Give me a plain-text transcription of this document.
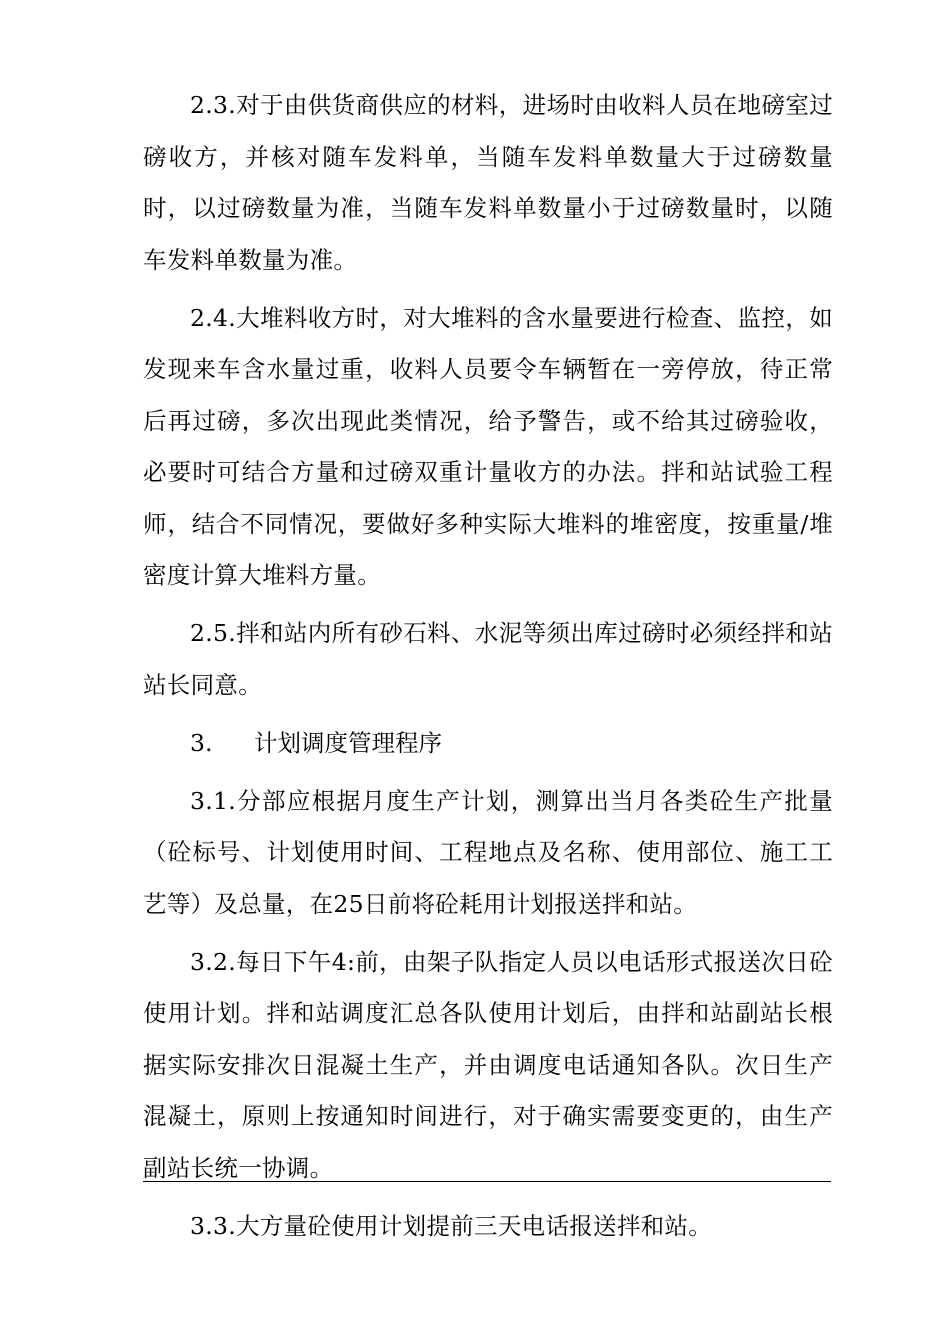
2.3.对于由供货商供应的材料，进场时由收料人员在地磅室过磅收方，并核对随车发料单，当随车发料单数量大于过磅数量时，以过磅数量为准，当随车发料单数量小于过磅数量时，以随车发料单数量为准。

2.4.大堆料收方时，对大堆料的含水量要进行检查、监控，如发现来车含水量过重，收料人员要令车辆暂在一旁停放，待正常后再过磅，多次出现此类情况，给予警告，或不给其过磅验收，必要时可结合方量和过磅双重计量收方的办法。拌和站试验工程师，结合不同情况，要做好多种实际大堆料的堆密度，按重量/堆密度计算大堆料方量。

2.5.拌和站内所有砂石料、水泥等须出库过磅时必须经拌和站站长同意。

3. 计划调度管理程序

3.1.分部应根据月度生产计划，测算出当月各类砼生产批量（砼标号、计划使用时间、工程地点及名称、使用部位、施工工艺等）及总量，在25日前将砼耗用计划报送拌和站。

3.2.每日下午4:前，由架子队指定人员以电话形式报送次日砼使用计划。拌和站调度汇总各队使用计划后，由拌和站副站长根据实际安排次日混凝土生产，并由调度电话通知各队。次日生产混凝土，原则上按通知时间进行，对于确实需要变更的，由生产副站长统一协调。

3.3.大方量砼使用计划提前三天电话报送拌和站。
